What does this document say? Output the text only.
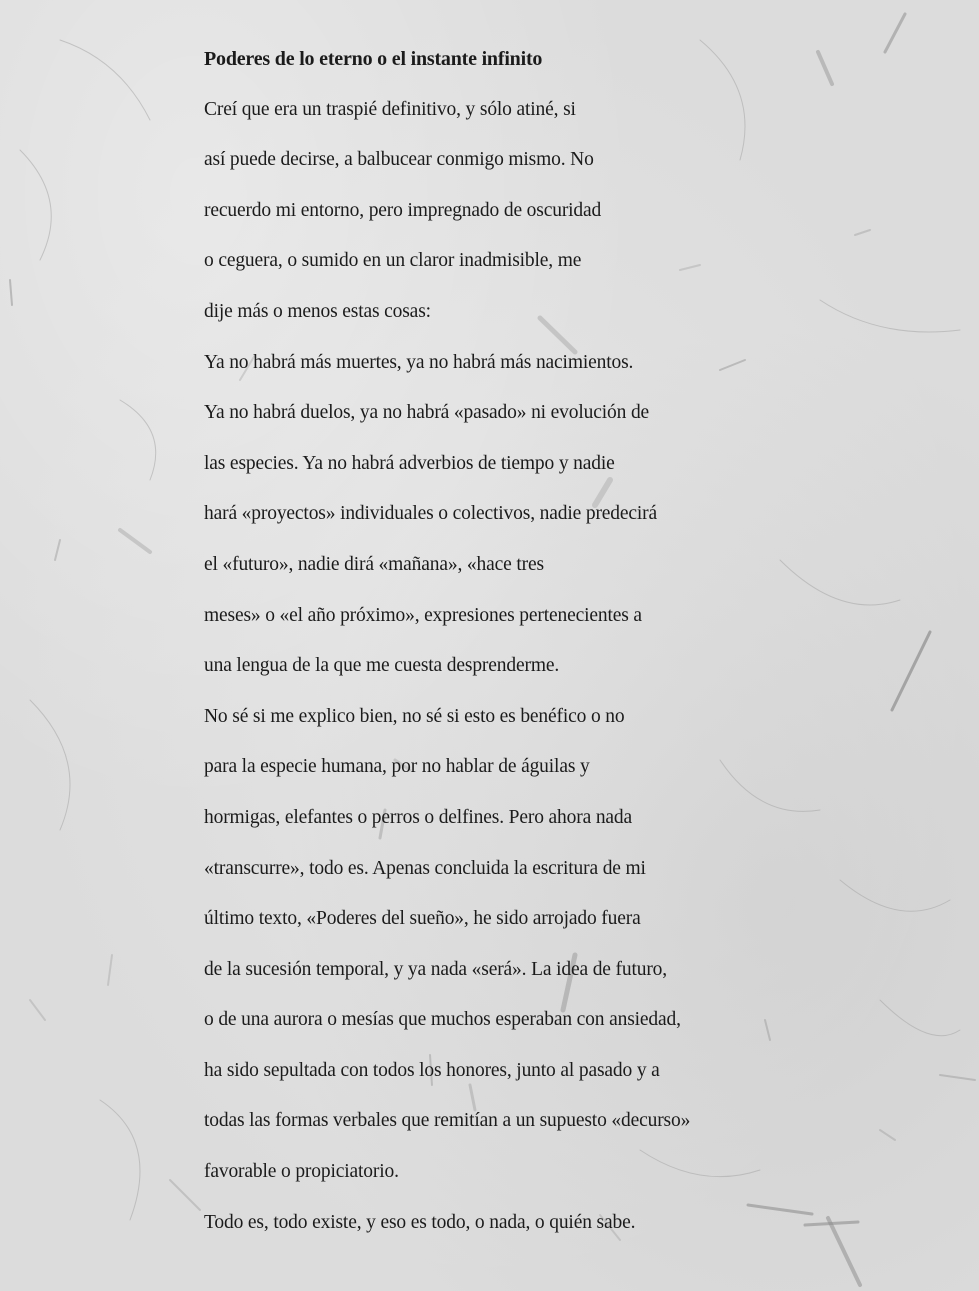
Poderes de lo eterno o el instante infinito
Creí que era un traspié definitivo, y sólo atiné, si
así puede decirse, a balbucear conmigo mismo. No
recuerdo mi entorno, pero impregnado de oscuridad
o ceguera, o sumido en un claror inadmisible, me
dije más o menos estas cosas:
Ya no habrá más muertes, ya no habrá más nacimientos.
Ya no habrá duelos, ya no habrá «pasado» ni evolución de
las especies. Ya no habrá adverbios de tiempo y nadie
hará «proyectos» individuales o colectivos, nadie predecirá
el «futuro», nadie dirá «mañana», «hace tres
meses» o «el año próximo», expresiones pertenecientes a
una lengua de la que me cuesta desprenderme.
No sé si me explico bien, no sé si esto es benéfico o no
para la especie humana, por no hablar de águilas y
hormigas, elefantes o perros o delfines. Pero ahora nada
«transcurre», todo es. Apenas concluida la escritura de mi
último texto, «Poderes del sueño», he sido arrojado fuera
de la sucesión temporal, y ya nada «será». La idea de futuro,
o de una aurora o mesías que muchos esperaban con ansiedad,
ha sido sepultada con todos los honores, junto al pasado y a
todas las formas verbales que remitían a un supuesto «decurso»
favorable o propiciatorio.
Todo es, todo existe, y eso es todo, o nada, o quién sabe.
